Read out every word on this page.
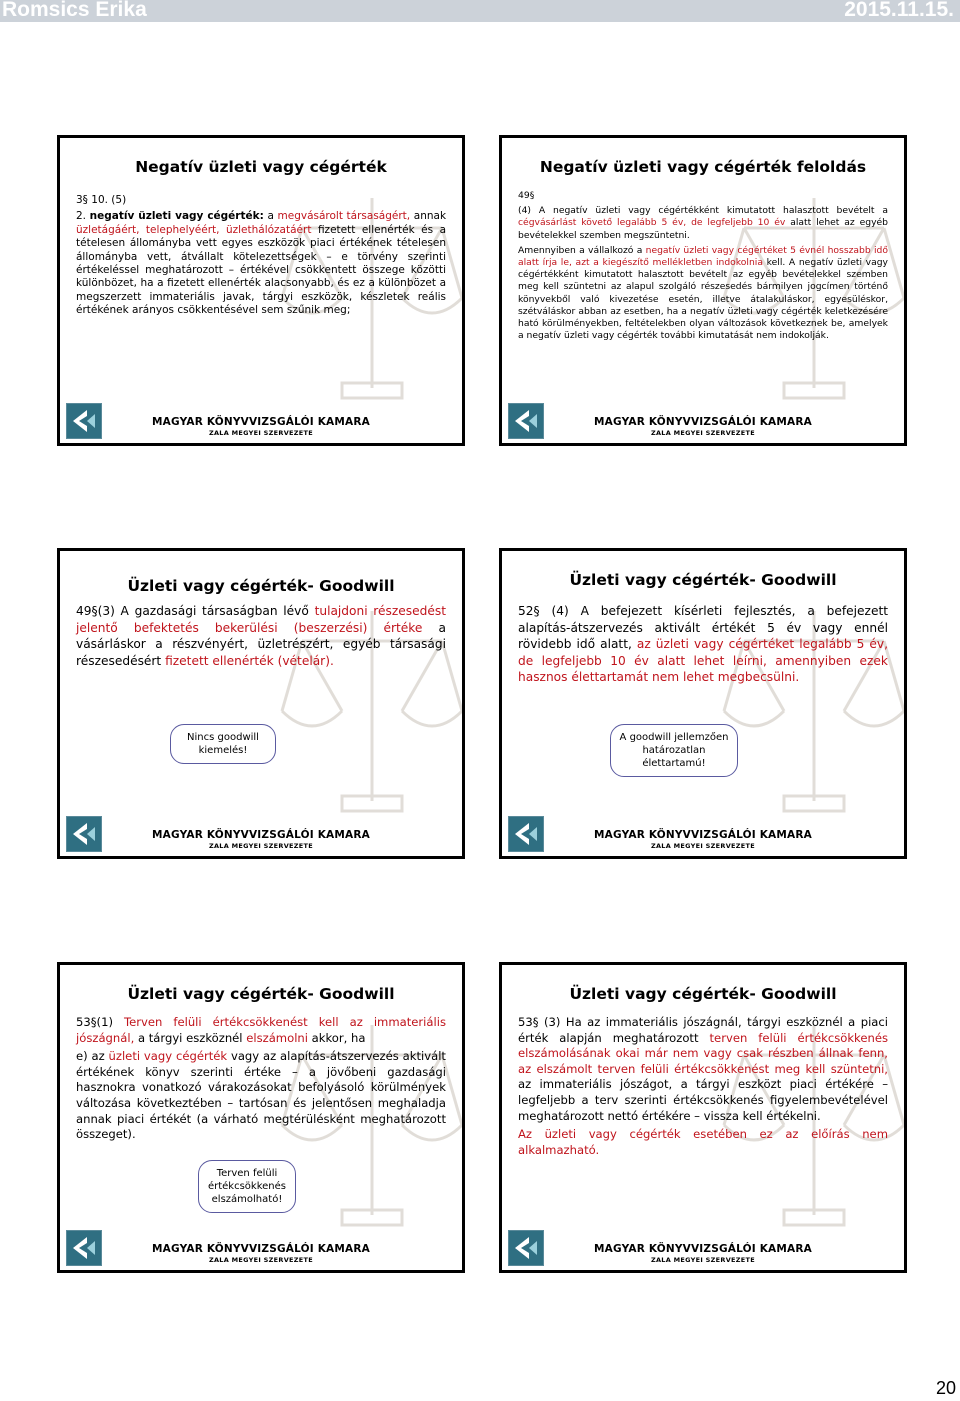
Romsics Erika	2015.11.15.
Negatív üzleti vagy cégérték

3§ 10. (5)

2. negatív üzleti vagy cégérték: a megvásárolt társaságért, annak üzletágáért, telephelyéért, üzlethálózatáért fizetett ellenérték és a tételesen állományba vett egyes eszközök piaci értékének tételesen állományba vett, átvállalt kötelezettségek – e törvény szerinti értékeléssel meghatározott – értékével csökkentett összege közötti különbözet, ha a fizetett ellenérték alacsonyabb, és ez a különbözet a megszerzett immateriális javak, tárgyi eszközök, készletek reális értékének arányos csökkentésével sem szűnik meg;

MAGYAR KÖNYVVIZSGÁLÓI KAMARA
ZALA MEGYEI SZERVEZETE
Negatív üzleti vagy cégérték feloldás

49§

(4) A negatív üzleti vagy cégértékként kimutatott halasztott bevételt a cégvásárlást követő legalább 5 év, de legfeljebb 10 év alatt lehet az egyéb bevételekkel szemben megszüntetni.

Amennyiben a vállalkozó a negatív üzleti vagy cégértéket 5 évnél hosszabb idő alatt írja le, azt a kiegészítő mellékletben indokolnia kell. A negatív üzleti vagy cégértékként kimutatott halasztott bevételt az egyéb bevételekkel szemben meg kell szüntetni az alapul szolgáló részesedés bármilyen jogcímen történő könyvekből való kivezetése esetén, illetve átalakuláskor, egyesüléskor, szétváláskor abban az esetben, ha a negatív üzleti vagy cégérték keletkezésére ható körülményekben, feltételekben olyan változások következnek be, amelyek a negatív üzleti vagy cégérték további kimutatását nem indokolják.

MAGYAR KÖNYVVIZSGÁLÓI KAMARA
ZALA MEGYEI SZERVEZETE
Üzleti vagy cégérték- Goodwill

49§(3) A gazdasági társaságban lévő tulajdoni részesedést jelentő befektetés bekerülési (beszerzési) értéke a vásárláskor a részvényért, üzletrészért, egyéb társasági részesedésért fizetett ellenérték (vételár).

Nincs goodwill kiemelés!
MAGYAR KÖNYVVIZSGÁLÓI KAMARA
ZALA MEGYEI SZERVEZETE
Üzleti vagy cégérték- Goodwill

52§ (4) A befejezett kísérleti fejlesztés, a befejezett alapítás-átszervezés aktivált értékét 5 év vagy ennél rövidebb idő alatt, az üzleti vagy cégértéket legalább 5 év, de legfeljebb 10 év alatt lehet leírni, amennyiben ezek hasznos élettartamát nem lehet megbecsülni.

A goodwill jellemzően határozatlan élettartamú!
MAGYAR KÖNYVVIZSGÁLÓI KAMARA
ZALA MEGYEI SZERVEZETE
Üzleti vagy cégérték- Goodwill

53§(1) Terven felüli értékcsökkenést kell az immateriális jószágnál, a tárgyi eszköznél elszámolni akkor, ha

e) az üzleti vagy cégérték vagy az alapítás-átszervezés aktivált értékének könyv szerinti értéke – a jövőbeni gazdasági hasznokra vonatkozó várakozásokat befolyásoló körülmények változása következtében – tartósan és jelentősen meghaladja annak piaci értékét (a várható megtérülésként meghatározott összeget).

Terven felüli értékcsökkenés elszámolható!
MAGYAR KÖNYVVIZSGÁLÓI KAMARA
ZALA MEGYEI SZERVEZETE
Üzleti vagy cégérték- Goodwill

53§ (3) Ha az immateriális jószágnál, tárgyi eszköznél a piaci érték alapján meghatározott terven felüli értékcsökkenés elszámolásának okai már nem vagy csak részben állnak fenn, az elszámolt terven felüli értékcsökkenést meg kell szüntetni, az immateriális jószágot, a tárgyi eszközt piaci értékére – legfeljebb a terv szerinti értékcsökkenés figyelembevételével meghatározott nettó értékére – vissza kell értékelni.

Az üzleti vagy cégérték esetében ez az előírás nem alkalmazható.

MAGYAR KÖNYVVIZSGÁLÓI KAMARA
ZALA MEGYEI SZERVEZETE
20
